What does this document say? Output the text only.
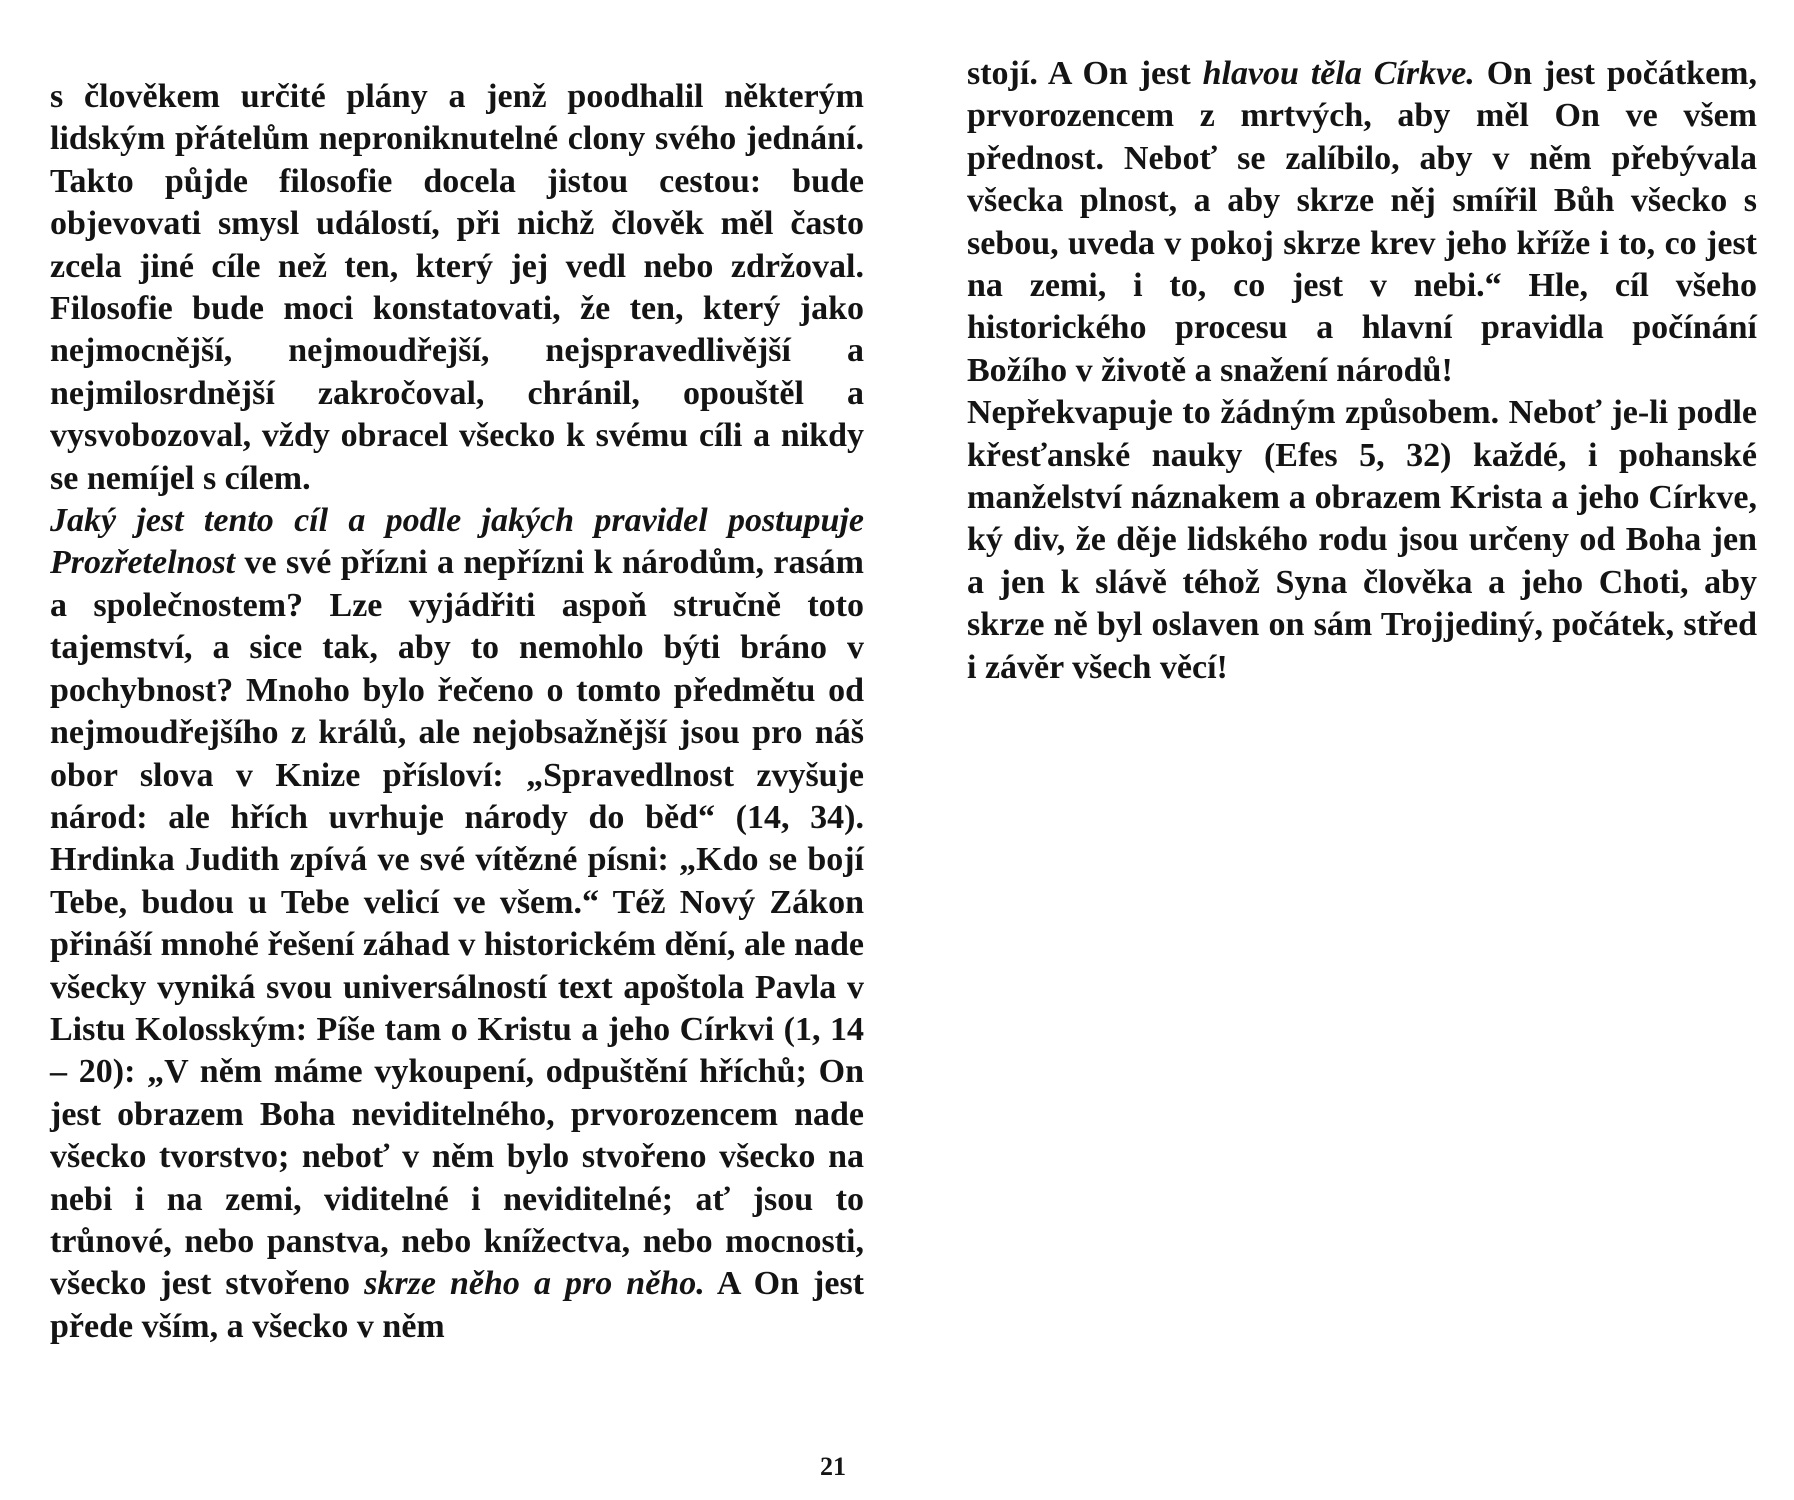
s člověkem určité plány a jenž poodhalil některým lidským přátelům neproniknutelné clony svého jednání. Takto půjde filosofie docela jistou cestou: bude objevovati smysl událostí, při nichž člověk měl často zcela jiné cíle než ten, který jej vedl nebo zdržoval. Filosofie bude moci konstatovati, že ten, který jako nejmocnější, nejmoudřejší, nejspravedlivější a nejmilosrdnější zakročoval, chránil, opouštěl a vysvobozoval, vždy obracel všecko k svému cíli a nikdy se nemíjel s cílem.

Jaký jest tento cíl a podle jakých pravidel postupuje Prozřetelnost ve své přízni a nepřízni k národům, rasám a společnostem? Lze vyjádřiti aspoň stručně toto tajemství, a sice tak, aby to nemohlo býti bráno v pochybnost? Mnoho bylo řečeno o tomto předmětu od nejmoudřejšího z králů, ale nejobsažnější jsou pro náš obor slova v Knize přísloví: „Spravedlnost zvyšuje národ: ale hřích uvrhuje národy do běd“ (14, 34). Hrdinka Judith zpívá ve své vítězné písni: „Kdo se bojí Tebe, budou u Tebe velicí ve všem.“ Též Nový Zákon přináší mnohé řešení záhad v historickém dění, ale nade všecky vyniká svou universálností text apoštola Pavla v Listu Kolosským: Píše tam o Kristu a jeho Církvi (1, 14 – 20): „V něm máme vykoupení, odpuštění hříchů; On jest obrazem Boha neviditelného, prvorozencem nade všecko tvorstvo; neboť v něm bylo stvořeno všecko na nebi i na zemi, viditelné i neviditelné; ať jsou to trůnové, nebo panstva, nebo knížectva, nebo mocnosti, všecko jest stvořeno skrze něho a pro něho. A On jest přede vším, a všecko v něm

stojí. A On jest hlavou těla Církve. On jest počátkem, prvorozencem z mrtvých, aby měl On ve všem přednost. Neboť se zalíbilo, aby v něm přebývala všecka plnost, a aby skrze něj smířil Bůh všecko s sebou, uveda v pokoj skrze krev jeho kříže i to, co jest na zemi, i to, co jest v nebi.“ Hle, cíl všeho historického procesu a hlavní pravidla počínání Božího v životě a snažení národů!

Nepřekvapuje to žádným způsobem. Neboť je-li podle křesťanské nauky (Efes 5, 32) každé, i pohanské manželství náznakem a obrazem Krista a jeho Církve, ký div, že děje lidského rodu jsou určeny od Boha jen a jen k slávě téhož Syna člověka a jeho Choti, aby skrze ně byl oslaven on sám Trojjediný, počátek, střed i závěr všech věcí!

21
